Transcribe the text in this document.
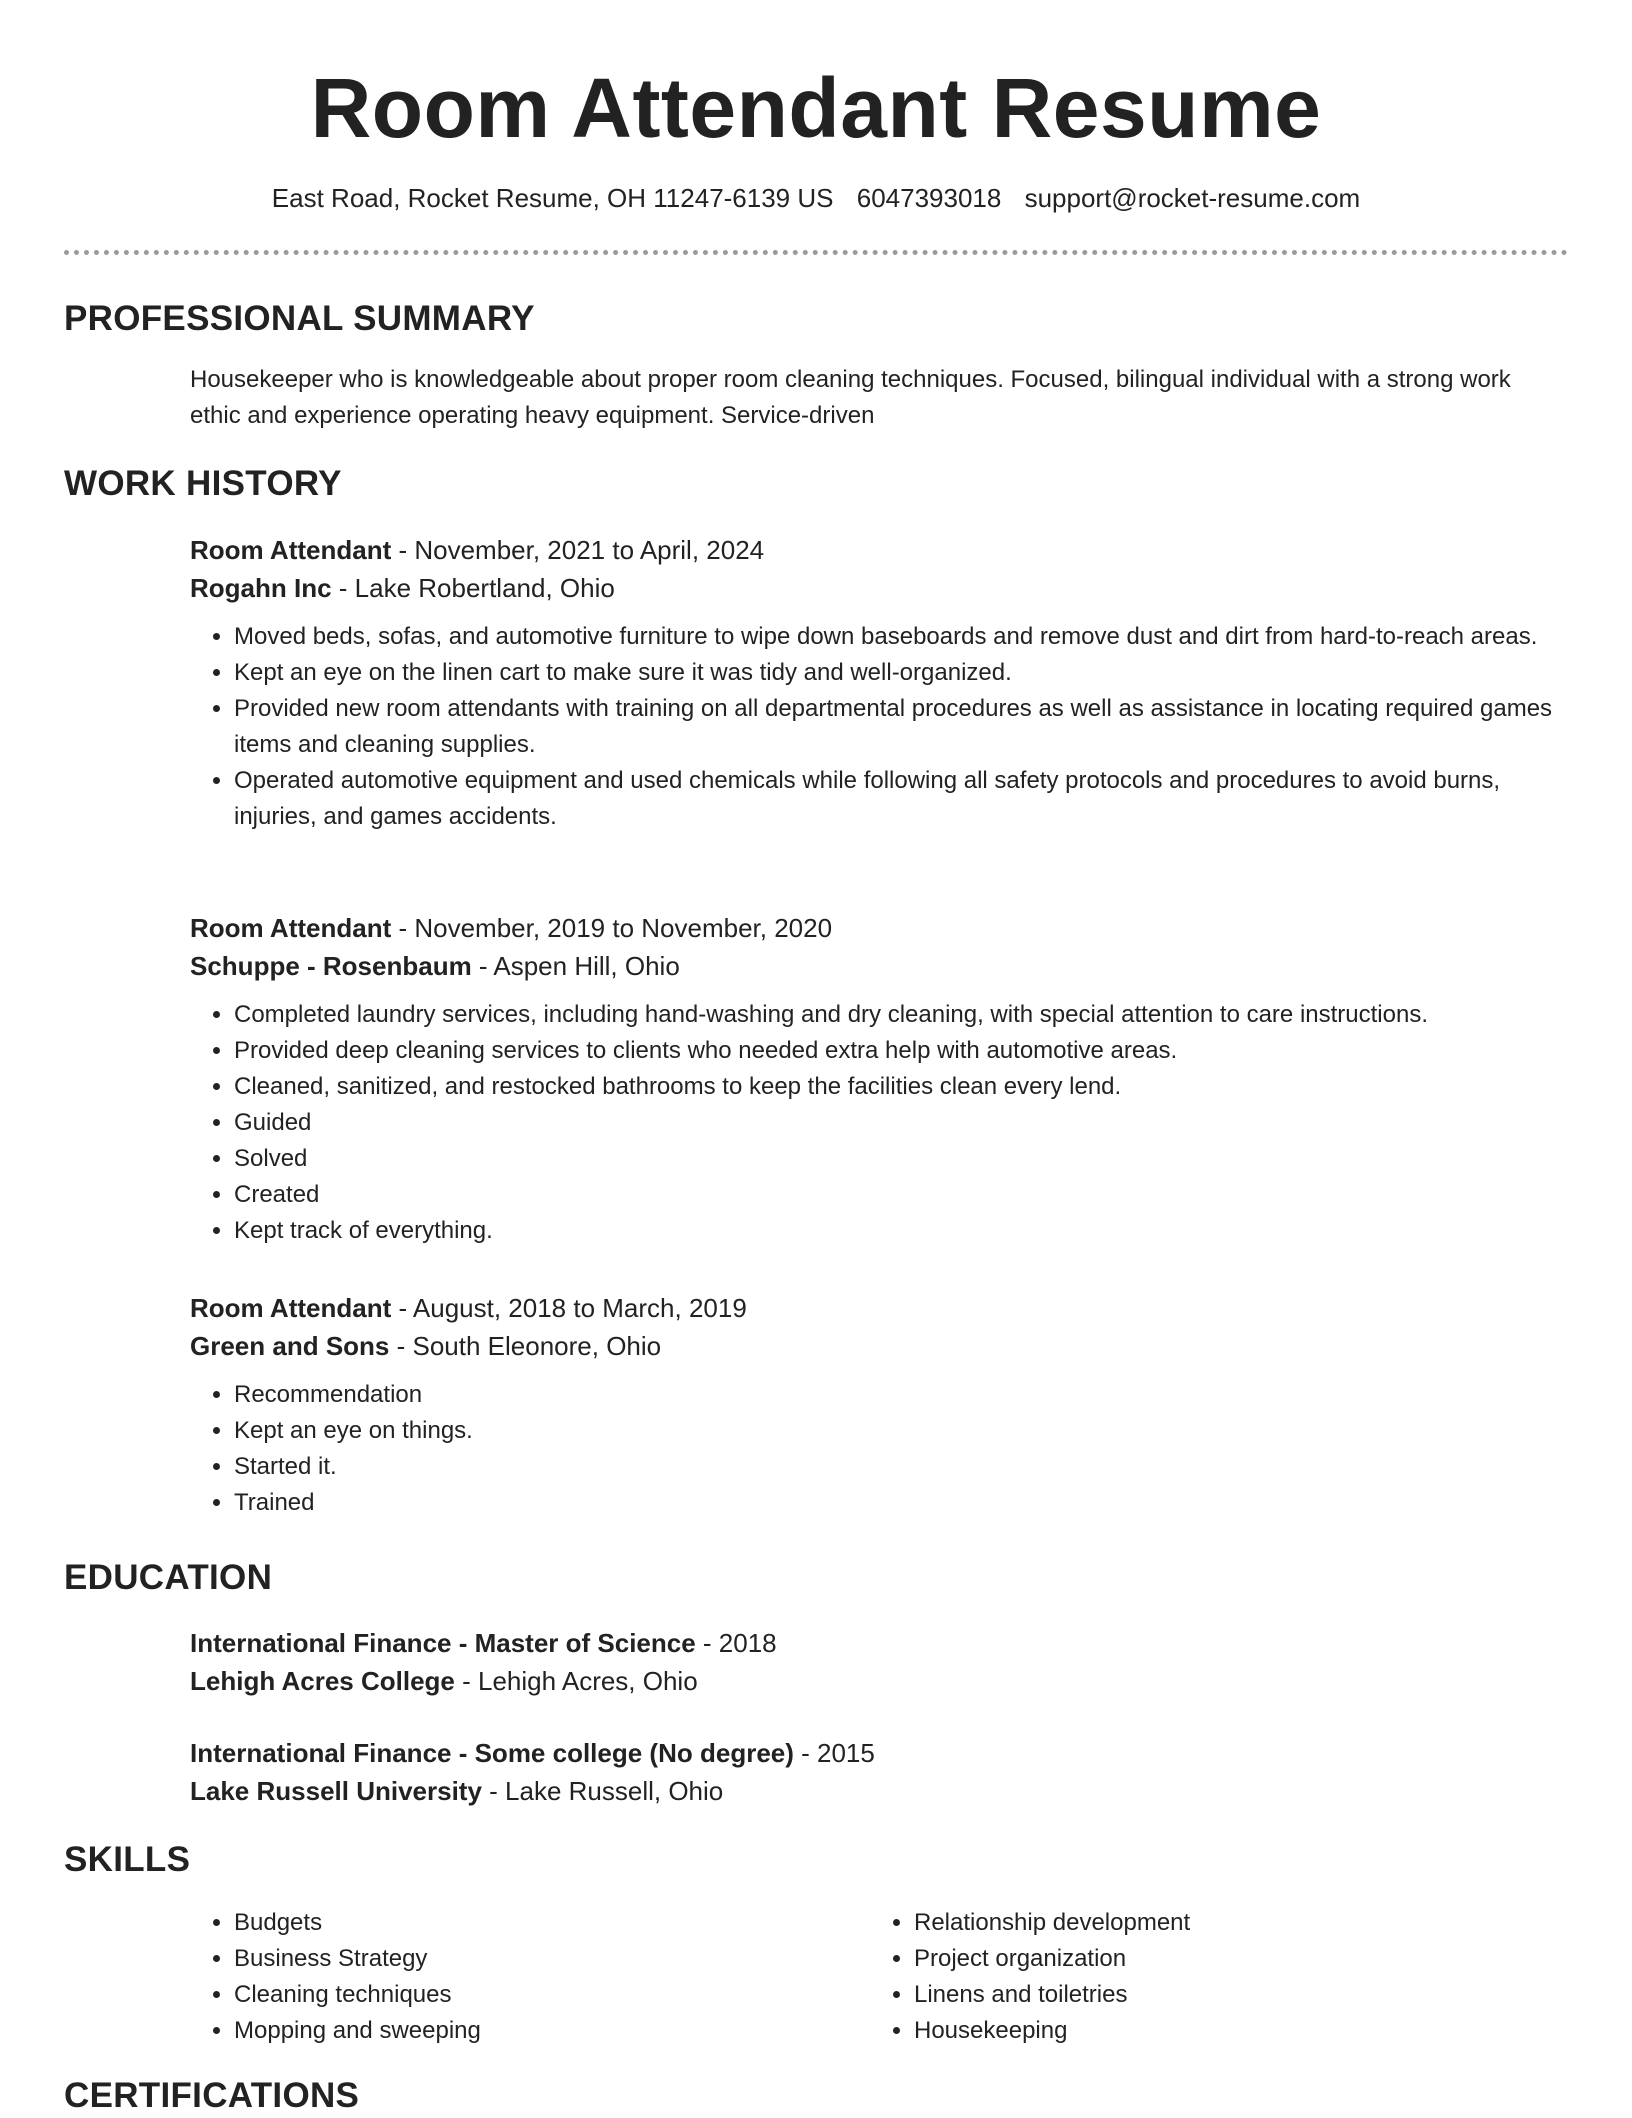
Room Attendant Resume
East Road, Rocket Resume, OH 11247-6139 US 6047393018 support@rocket-resume.com
PROFESSIONAL SUMMARY
Housekeeper who is knowledgeable about proper room cleaning techniques. Focused, bilingual individual with a strong work ethic and experience operating heavy equipment. Service-driven
WORK HISTORY
Room Attendant - November, 2021 to April, 2024
Rogahn Inc - Lake Robertland, Ohio
• Moved beds, sofas, and automotive furniture to wipe down baseboards and remove dust and dirt from hard-to-reach areas.
• Kept an eye on the linen cart to make sure it was tidy and well-organized.
• Provided new room attendants with training on all departmental procedures as well as assistance in locating required games items and cleaning supplies.
• Operated automotive equipment and used chemicals while following all safety protocols and procedures to avoid burns, injuries, and games accidents.
Room Attendant - November, 2019 to November, 2020
Schuppe - Rosenbaum - Aspen Hill, Ohio
• Completed laundry services, including hand-washing and dry cleaning, with special attention to care instructions.
• Provided deep cleaning services to clients who needed extra help with automotive areas.
• Cleaned, sanitized, and restocked bathrooms to keep the facilities clean every lend.
• Guided
• Solved
• Created
• Kept track of everything.
Room Attendant - August, 2018 to March, 2019
Green and Sons - South Eleonore, Ohio
• Recommendation
• Kept an eye on things.
• Started it.
• Trained
EDUCATION
International Finance - Master of Science - 2018
Lehigh Acres College - Lehigh Acres, Ohio
International Finance - Some college (No degree) - 2015
Lake Russell University - Lake Russell, Ohio
SKILLS
• Budgets
• Business Strategy
• Cleaning techniques
• Mopping and sweeping
• Relationship development
• Project organization
• Linens and toiletries
• Housekeeping
CERTIFICATIONS
